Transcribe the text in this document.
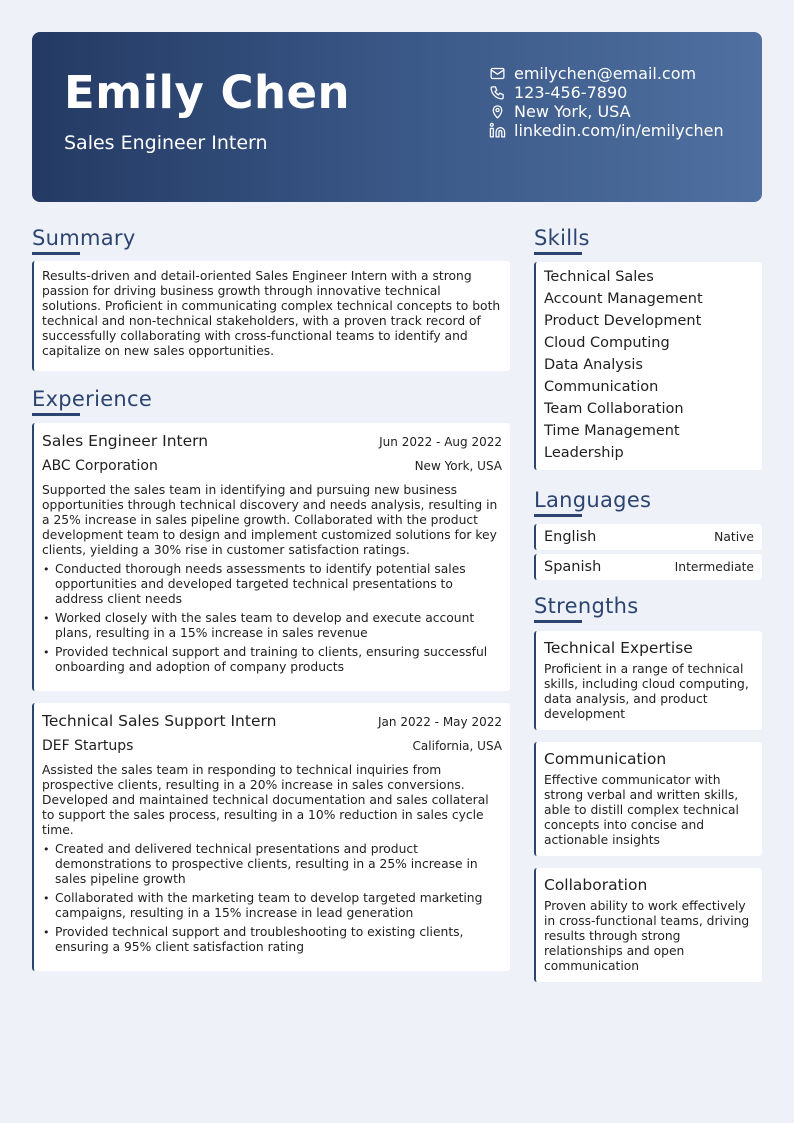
Emily Chen
Sales Engineer Intern
emilychen@email.com
123-456-7890
New York, USA
linkedin.com/in/emilychen
Summary
Results-driven and detail-oriented Sales Engineer Intern with a strong passion for driving business growth through innovative technical solutions. Proficient in communicating complex technical concepts to both technical and non-technical stakeholders, with a proven track record of successfully collaborating with cross-functional teams to identify and capitalize on new sales opportunities.
Experience
Sales Engineer Intern	Jun 2022 - Aug 2022
ABC Corporation	New York, USA
Supported the sales team in identifying and pursuing new business opportunities through technical discovery and needs analysis, resulting in a 25% increase in sales pipeline growth. Collaborated with the product development team to design and implement customized solutions for key clients, yielding a 30% rise in customer satisfaction ratings.
• Conducted thorough needs assessments to identify potential sales opportunities and developed targeted technical presentations to address client needs
• Worked closely with the sales team to develop and execute account plans, resulting in a 15% increase in sales revenue
• Provided technical support and training to clients, ensuring successful onboarding and adoption of company products
Technical Sales Support Intern	Jan 2022 - May 2022
DEF Startups	California, USA
Assisted the sales team in responding to technical inquiries from prospective clients, resulting in a 20% increase in sales conversions. Developed and maintained technical documentation and sales collateral to support the sales process, resulting in a 10% reduction in sales cycle time.
• Created and delivered technical presentations and product demonstrations to prospective clients, resulting in a 25% increase in sales pipeline growth
• Collaborated with the marketing team to develop targeted marketing campaigns, resulting in a 15% increase in lead generation
• Provided technical support and troubleshooting to existing clients, ensuring a 95% client satisfaction rating
Skills
Technical Sales
Account Management
Product Development
Cloud Computing
Data Analysis
Communication
Team Collaboration
Time Management
Leadership
Languages
English	Native
Spanish	Intermediate
Strengths
Technical Expertise
Proficient in a range of technical skills, including cloud computing, data analysis, and product development
Communication
Effective communicator with strong verbal and written skills, able to distill complex technical concepts into concise and actionable insights
Collaboration
Proven ability to work effectively in cross-functional teams, driving results through strong relationships and open communication
